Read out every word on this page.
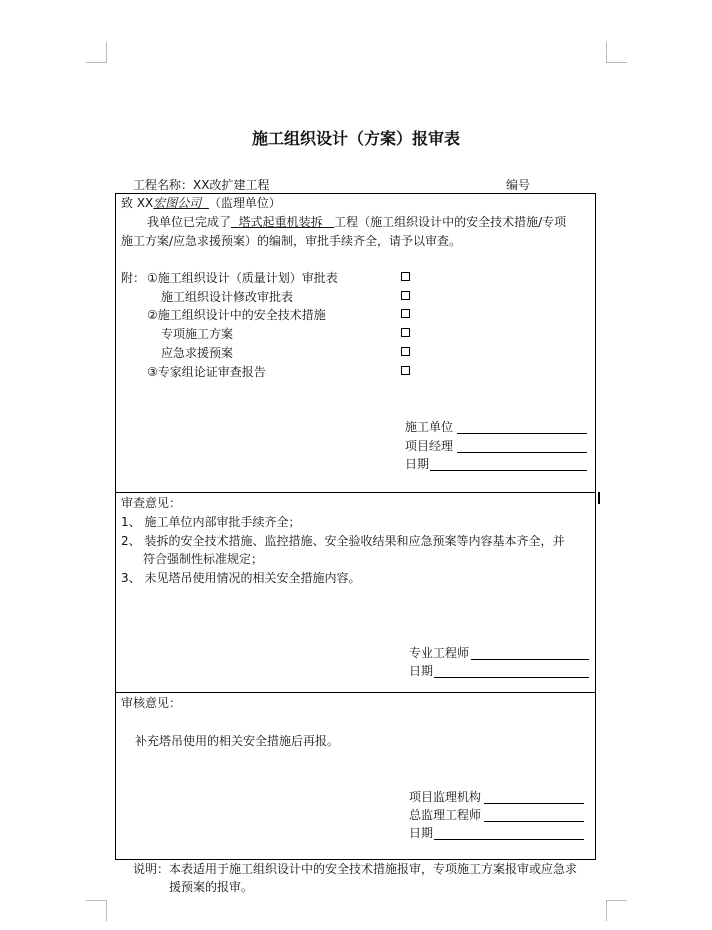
施工组织设计（方案）报审表
工程名称：XX改扩建工程	编号
致 XX宏图公司 （监理单位）
我单位已完成了 塔式起重机装拆 工程（施工组织设计中的安全技术措施/专项
施工方案/应急求援预案）的编制，审批手续齐全，请予以审查。
附： ①施工组织设计（质量计划）审批表
施工组织设计修改审批表
②施工组织设计中的安全技术措施
专项施工方案
应急求援预案
③专家组论证审查报告
施工单位
项目经理
日期
审查意见：
1、 施工单位内部审批手续齐全；
2、 装拆的安全技术措施、监控措施、安全验收结果和应急预案等内容基本齐全，并
符合强制性标准规定；
3、 未见塔吊使用情况的相关安全措施内容。
专业工程师
日期
审核意见：
补充塔吊使用的相关安全措施后再报。
项目监理机构
总监理工程师
日期
说明：本表适用于施工组织设计中的安全技术措施报审，专项施工方案报审或应急求
援预案的报审。
